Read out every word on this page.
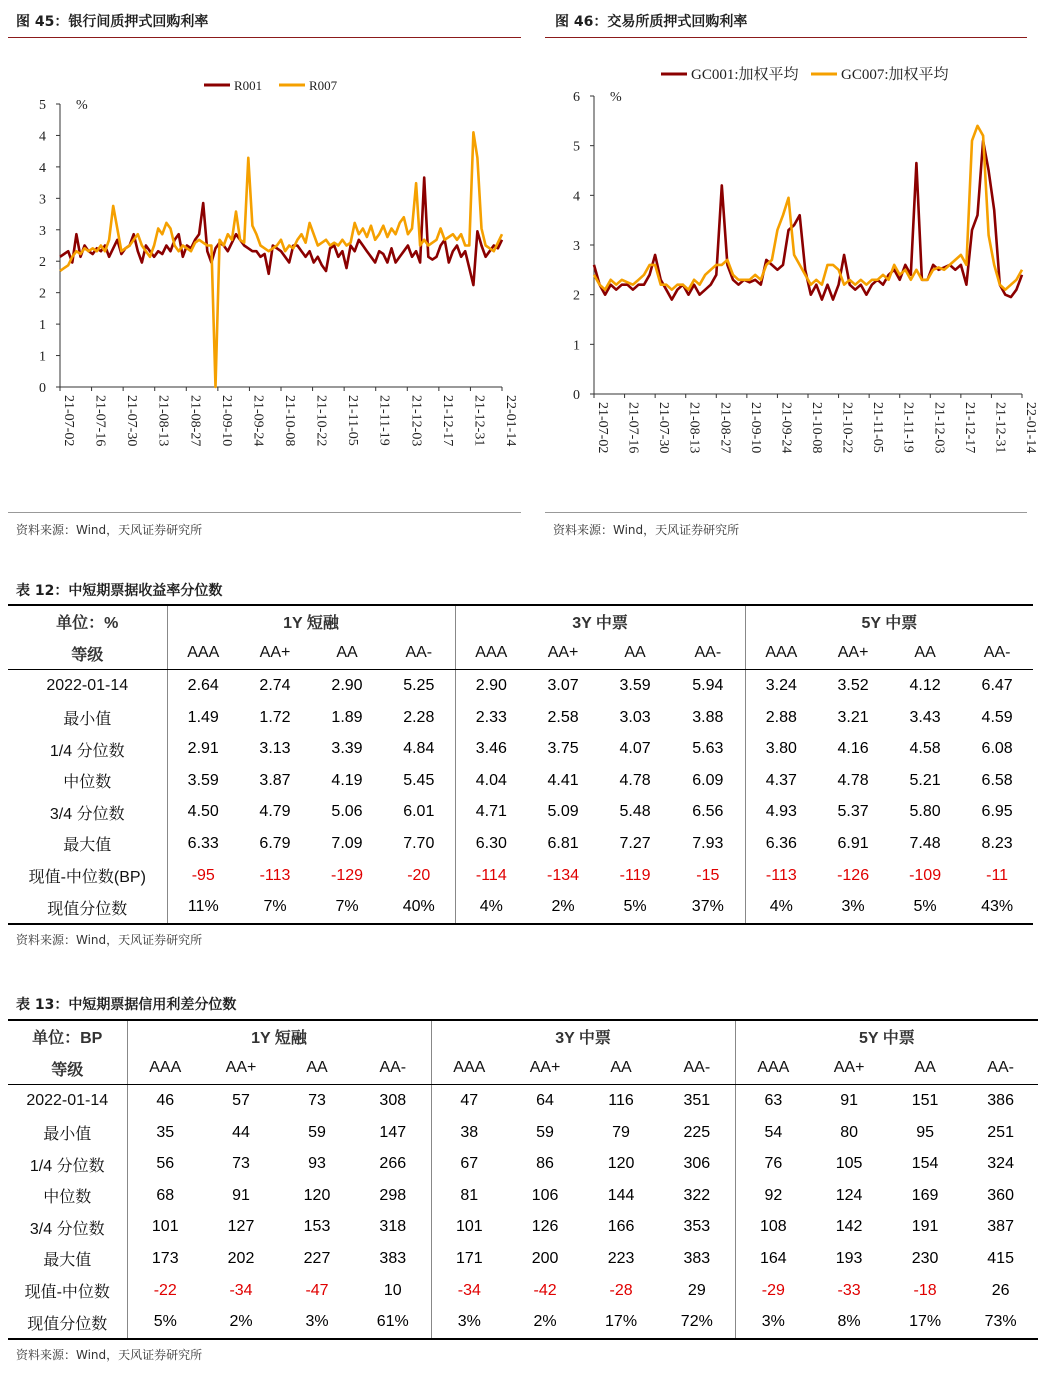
图 45：银行间质押式回购利率
0
1
1
2
2
3
3
4
4
5 %
21-07-02 21-07-16 21-07-30 21-08-13 21-08-27 21-09-10 21-09-24 21-10-08 21-10-22 21-11-05 21-11-19 21-12-03 21-12-17 21-12-31 22-01-14
R001	R007
资料来源：Wind，天风证券研究所
图 46：交易所质押式回购利率
0
1
2
3
4
5
6 %
21-07-02 21-07-16 21-07-30 21-08-13 21-08-27 21-09-10 21-09-24 21-10-08 21-10-22 21-11-05 21-11-19 21-12-03 21-12-17 21-12-31 22-01-14
GC001:加权平均	GC007:加权平均
资料来源：Wind，天风证券研究所
表 12：中短期票据收益率分位数
单位：%	1Y 短融				3Y 中票				5Y 中票			
等级	AAA	AA+	AA	AA-	AAA	AA+	AA	AA-	AAA	AA+	AA	AA-
2022-01-14	2.64	2.74	2.90	5.25	2.90	3.07	3.59	5.94	3.24	3.52	4.12	6.47
最小值	1.49	1.72	1.89	2.28	2.33	2.58	3.03	3.88	2.88	3.21	3.43	4.59
1/4 分位数	2.91	3.13	3.39	4.84	3.46	3.75	4.07	5.63	3.80	4.16	4.58	6.08
中位数	3.59	3.87	4.19	5.45	4.04	4.41	4.78	6.09	4.37	4.78	5.21	6.58
3/4 分位数	4.50	4.79	5.06	6.01	4.71	5.09	5.48	6.56	4.93	5.37	5.80	6.95
最大值	6.33	6.79	7.09	7.70	6.30	6.81	7.27	7.93	6.36	6.91	7.48	8.23
现值-中位数(BP)	-95	-113	-129	-20	-114	-134	-119	-15	-113	-126	-109	-11
现值分位数	11%	7%	7%	40%	4%	2%	5%	37%	4%	3%	5%	43%
资料来源：Wind，天风证券研究所
表 13：中短期票据信用利差分位数
单位：BP	1Y 短融				3Y 中票				5Y 中票			
等级	AAA	AA+	AA	AA-	AAA	AA+	AA	AA-	AAA	AA+	AA	AA-
2022-01-14	46	57	73	308	47	64	116	351	63	91	151	386
最小值	35	44	59	147	38	59	79	225	54	80	95	251
1/4 分位数	56	73	93	266	67	86	120	306	76	105	154	324
中位数	68	91	120	298	81	106	144	322	92	124	169	360
3/4 分位数	101	127	153	318	101	126	166	353	108	142	191	387
最大值	173	202	227	383	171	200	223	383	164	193	230	415
现值-中位数	-22	-34	-47	10	-34	-42	-28	29	-29	-33	-18	26
现值分位数	5%	2%	3%	61%	3%	2%	17%	72%	3%	8%	17%	73%
资料来源：Wind，天风证券研究所
